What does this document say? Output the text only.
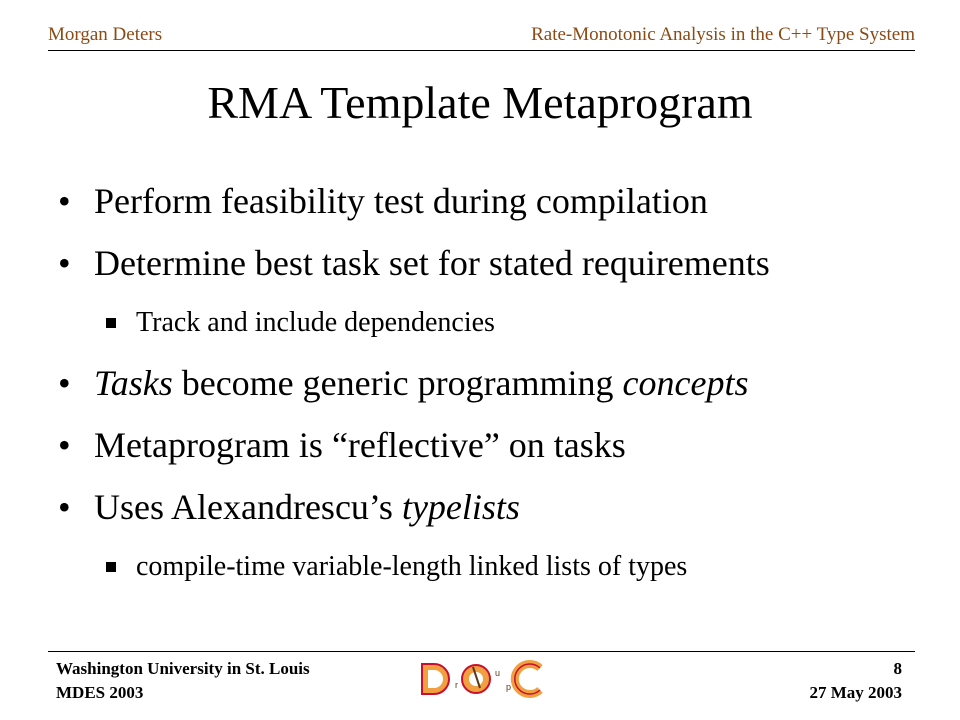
Morgan Deters	Rate-Monotonic Analysis in the C++ Type System
RMA Template Metaprogram
• Perform feasibility test during compilation
• Determine best task set for stated requirements
Track and include dependencies
• Tasks become generic programming concepts
• Metaprogram is “reflective” on tasks
• Uses Alexandrescu’s typelists
compile-time variable-length linked lists of types
Washington University in St. Louis
MDES 2003
8
27 May 2003
r
u
p
